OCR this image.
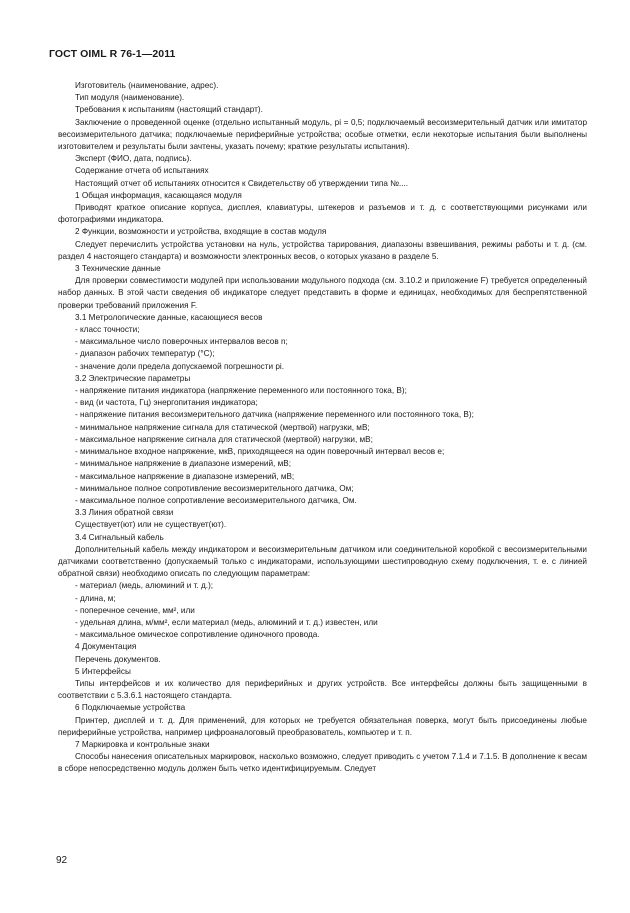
ГОСТ OIML R 76-1—2011

Изготовитель (наименование, адрес).

Тип модуля (наименование).

Требования к испытаниям (настоящий стандарт).

Заключение о проведенной оценке (отдельно испытанный модуль, pi = 0,5; подключаемый весоизмерительный датчик или имитатор весоизмерительного датчика; подключаемые периферийные устройства; особые отметки, если некоторые испытания были выполнены изготовителем и результаты были зачтены, указать почему; краткие результаты испытания).

Эксперт (ФИО, дата, подпись).

Содержание отчета об испытаниях

Настоящий отчет об испытаниях относится к Свидетельству об утверждении типа №....

1 Общая информация, касающаяся модуля

Приводят краткое описание корпуса, дисплея, клавиатуры, штекеров и разъемов и т. д. с соответствующими рисунками или фотографиями индикатора.

2 Функции, возможности и устройства, входящие в состав модуля

Следует перечислить устройства установки на нуль, устройства тарирования, диапазоны взвешивания, режимы работы и т. д. (см. раздел 4 настоящего стандарта) и возможности электронных весов, о которых указано в разделе 5.

3 Технические данные

Для проверки совместимости модулей при использовании модульного подхода (см. 3.10.2 и приложение F) требуется определенный набор данных. В этой части сведения об индикаторе следует представить в форме и единицах, необходимых для беспрепятственной проверки требований приложения F.

3.1 Метрологические данные, касающиеся весов

- класс точности;

- максимальное число поверочных интервалов весов n;

- диапазон рабочих температур (°С);

- значение доли предела допускаемой погрешности pi.

3.2 Электрические параметры

- напряжение питания индикатора (напряжение переменного или постоянного тока, В);

- вид (и частота, Гц) энергопитания индикатора;

- напряжение питания весоизмерительного датчика (напряжение переменного или постоянного тока, В);

- минимальное напряжение сигнала для статической (мертвой) нагрузки, мВ;

- максимальное напряжение сигнала для статической (мертвой) нагрузки, мВ;

- минимальное входное напряжение, мкВ, приходящееся на один поверочный интервал весов e;

- минимальное напряжение в диапазоне измерений, мВ;

- максимальное напряжение в диапазоне измерений, мВ;

- минимальное полное сопротивление весоизмерительного датчика, Ом;

- максимальное полное сопротивление весоизмерительного датчика, Ом.

3.3 Линия обратной связи

Существует(ют) или не существует(ют).

3.4 Сигнальный кабель

Дополнительный кабель между индикатором и весоизмерительным датчиком или соединительной коробкой с весоизмерительными датчиками соответственно (допускаемый только с индикаторами, использующими шестипроводную схему подключения, т. е. с линией обратной связи) необходимо описать по следующим параметрам:

- материал (медь, алюминий и т. д.);

- длина, м;

- поперечное сечение, мм², или

- удельная длина, м/мм², если материал (медь, алюминий и т. д.) известен, или

- максимальное омическое сопротивление одиночного провода.

4 Документация

Перечень документов.

5 Интерфейсы

Типы интерфейсов и их количество для периферийных и других устройств. Все интерфейсы должны быть защищенными в соответствии с 5.3.6.1 настоящего стандарта.

6 Подключаемые устройства

Принтер, дисплей и т. д. Для применений, для которых не требуется обязательная поверка, могут быть присоединены любые периферийные устройства, например цифроаналоговый преобразователь, компьютер и т. п.

7 Маркировка и контрольные знаки

Способы нанесения описательных маркировок, насколько возможно, следует приводить с учетом 7.1.4 и 7.1.5. В дополнение к весам в сборе непосредственно модуль должен быть четко идентифицируемым. Следует

92
